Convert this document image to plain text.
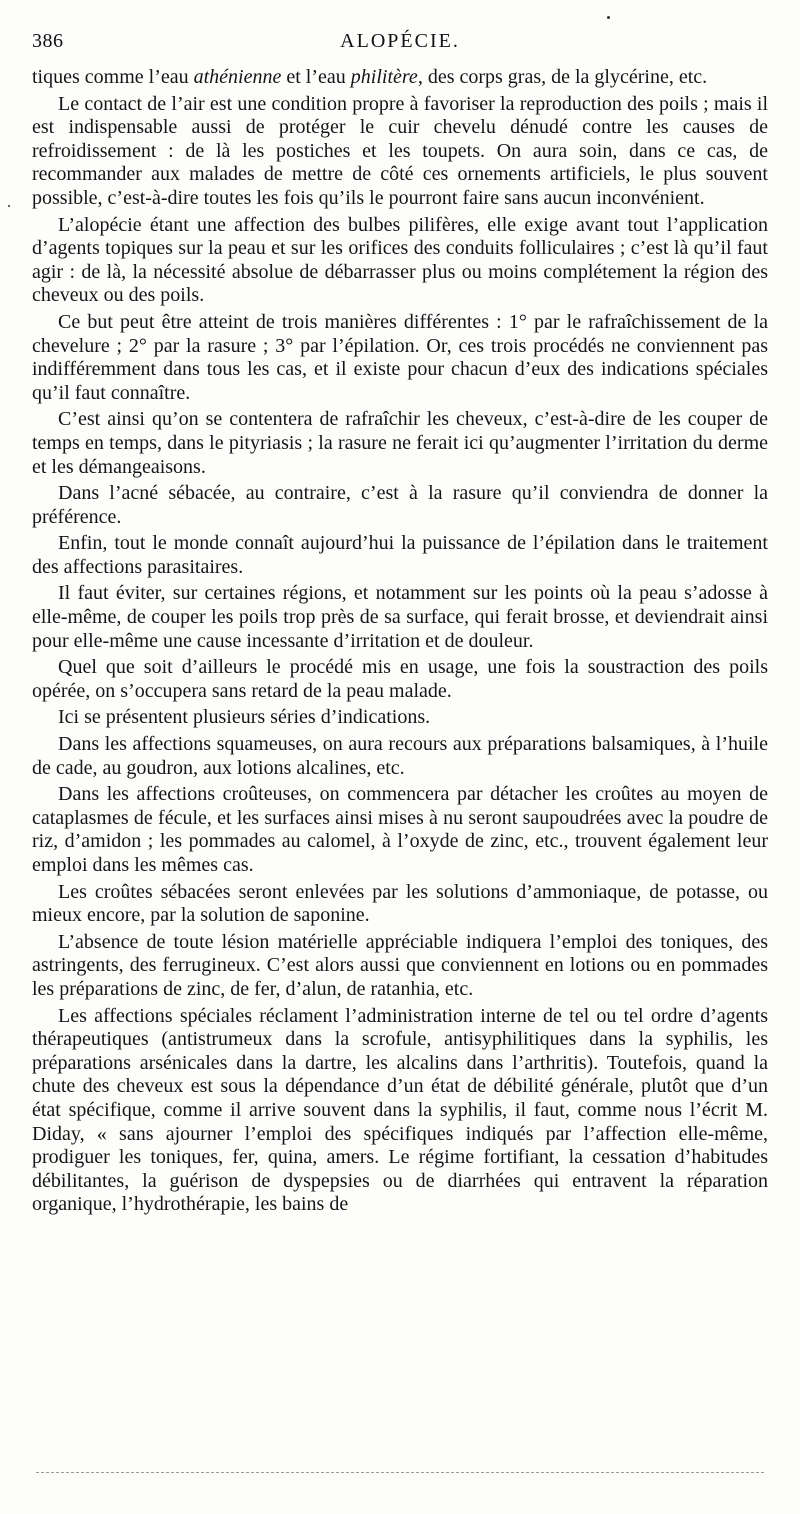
386	ALOPÉCIE.

tiques comme l’eau athénienne et l’eau philitère, des corps gras, de la glycérine, etc.

Le contact de l’air est une condition propre à favoriser la reproduction des poils ; mais il est indispensable aussi de protéger le cuir chevelu dénudé contre les causes de refroidissement : de là les postiches et les toupets. On aura soin, dans ce cas, de recommander aux malades de mettre de côté ces ornements artificiels, le plus souvent possible, c’est-à-dire toutes les fois qu’ils le pourront faire sans aucun inconvénient.

L’alopécie étant une affection des bulbes pilifères, elle exige avant tout l’application d’agents topiques sur la peau et sur les orifices des conduits folliculaires ; c’est là qu’il faut agir : de là, la nécessité absolue de débarrasser plus ou moins complétement la région des cheveux ou des poils.

Ce but peut être atteint de trois manières différentes : 1° par le rafraîchissement de la chevelure ; 2° par la rasure ; 3° par l’épilation. Or, ces trois procédés ne conviennent pas indifféremment dans tous les cas, et il existe pour chacun d’eux des indications spéciales qu’il faut connaître.

C’est ainsi qu’on se contentera de rafraîchir les cheveux, c’est-à-dire de les couper de temps en temps, dans le pityriasis ; la rasure ne ferait ici qu’augmenter l’irritation du derme et les démangeaisons.

Dans l’acné sébacée, au contraire, c’est à la rasure qu’il conviendra de donner la préférence.

Enfin, tout le monde connaît aujourd’hui la puissance de l’épilation dans le traitement des affections parasitaires.

Il faut éviter, sur certaines régions, et notamment sur les points où la peau s’adosse à elle-même, de couper les poils trop près de sa surface, qui ferait brosse, et deviendrait ainsi pour elle-même une cause incessante d’irritation et de douleur.

Quel que soit d’ailleurs le procédé mis en usage, une fois la soustraction des poils opérée, on s’occupera sans retard de la peau malade.

Ici se présentent plusieurs séries d’indications.

Dans les affections squameuses, on aura recours aux préparations balsamiques, à l’huile de cade, au goudron, aux lotions alcalines, etc.

Dans les affections croûteuses, on commencera par détacher les croûtes au moyen de cataplasmes de fécule, et les surfaces ainsi mises à nu seront saupoudrées avec la poudre de riz, d’amidon ; les pommades au calomel, à l’oxyde de zinc, etc., trouvent également leur emploi dans les mêmes cas.

Les croûtes sébacées seront enlevées par les solutions d’ammoniaque, de potasse, ou mieux encore, par la solution de saponine.

L’absence de toute lésion matérielle appréciable indiquera l’emploi des toniques, des astringents, des ferrugineux. C’est alors aussi que conviennent en lotions ou en pommades les préparations de zinc, de fer, d’alun, de ratanhia, etc.

Les affections spéciales réclament l’administration interne de tel ou tel ordre d’agents thérapeutiques (antistrumeux dans la scrofule, antisyphilitiques dans la syphilis, les préparations arsénicales dans la dartre, les alcalins dans l’arthritis). Toutefois, quand la chute des cheveux est sous la dépendance d’un état de débilité générale, plutôt que d’un état spécifique, comme il arrive souvent dans la syphilis, il faut, comme nous l’écrit M. Diday, « sans ajourner l’emploi des spécifiques indiqués par l’affection elle-même, prodiguer les toniques, fer, quina, amers. Le régime fortifiant, la cessation d’habitudes débilitantes, la guérison de dyspepsies ou de diarrhées qui entravent la réparation organique, l’hydrothérapie, les bains de
